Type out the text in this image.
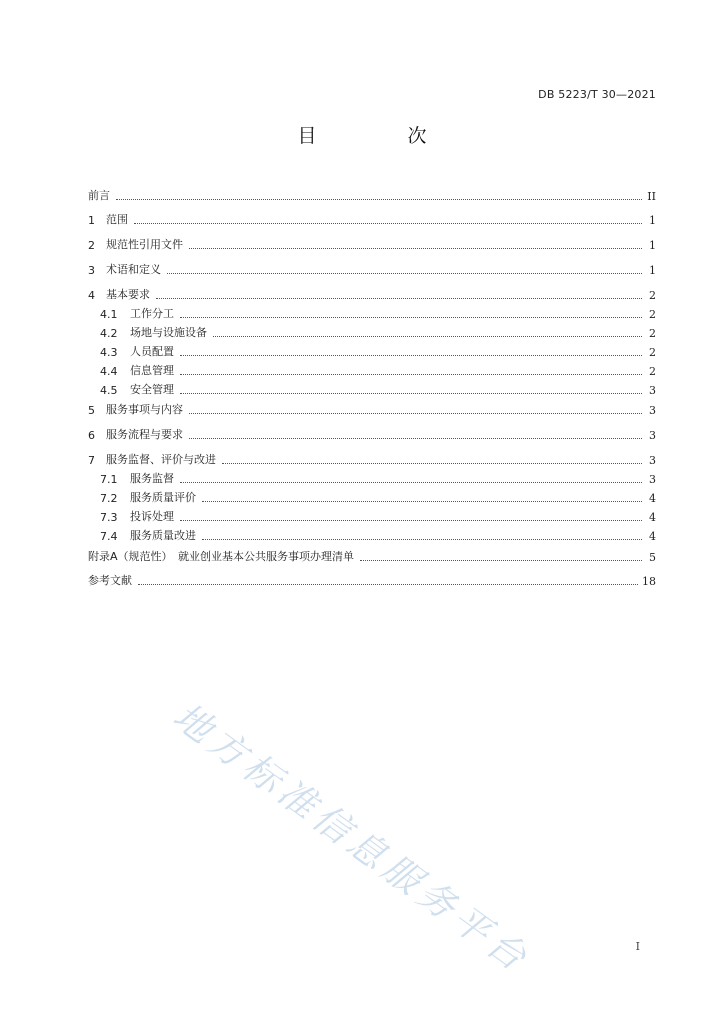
DB 5223/T 30—2021
目　次
前言	II
1	范围	1
2	规范性引用文件	1
3	术语和定义	1
4	基本要求	2
4.1	工作分工	2
4.2	场地与设施设备	2
4.3	人员配置	2
4.4	信息管理	2
4.5	安全管理	3
5	服务事项与内容	3
6	服务流程与要求	3
7	服务监督、评价与改进	3
7.1	服务监督	3
7.2	服务质量评价	4
7.3	投诉处理	4
7.4	服务质量改进	4
附录A（规范性）　就业创业基本公共服务事项办理清单	5
参考文献	18
地方标准信息服务平台	I
